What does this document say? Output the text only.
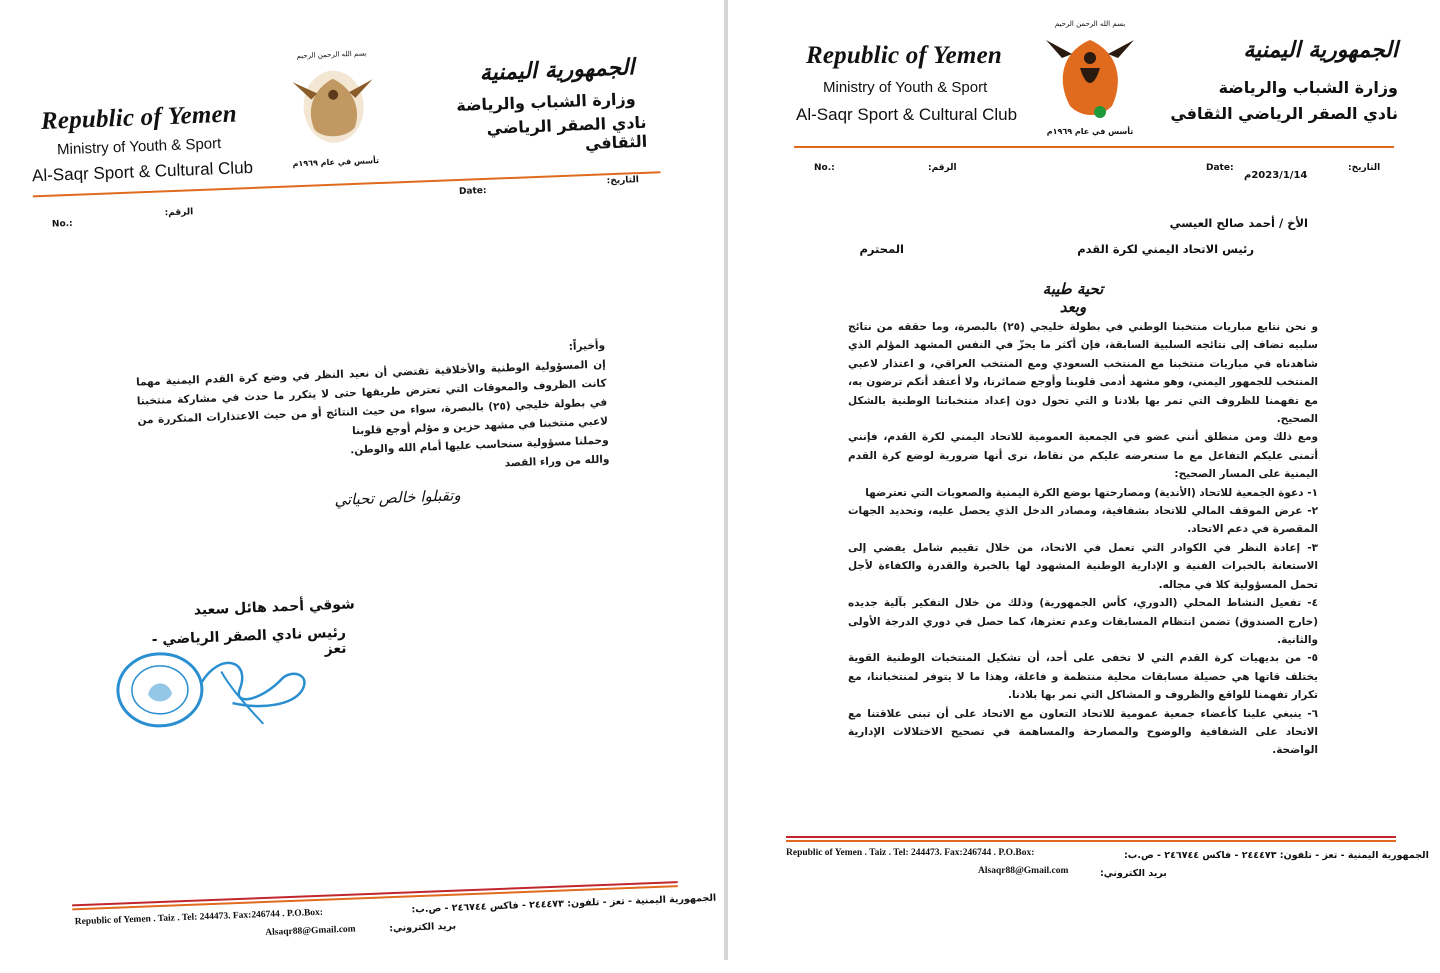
Republic of Yemen
Ministry of Youth & Sport
Al-Saqr Sport & Cultural Club
بسم الله الرحمن الرحيم
تأسس في عام ١٩٦٩م
الجمهورية اليمنية
وزارة الشباب والرياضة
نادي الصقر الرياضي الثقافي
No.:
الرقم:
Date:
التاريخ:

وأخيراً:

إن المسؤولية الوطنية والأخلاقية تقتضي أن نعيد النظر في وضع كرة القدم اليمنية مهما كانت الظروف والمعوقات التي تعترض طريقها حتى لا يتكرر ما حدث في مشاركة منتخبنا في بطولة خليجي (٢٥) بالبصرة، سواء من حيث النتائج أو من حيث الاعتذارات المتكررة من لاعبي منتخبنا في مشهد حزين و مؤلم أوجع قلوبنا

وحملنا مسؤولية سنحاسب عليها أمام الله والوطن.

والله من وراء القصد

وتقبلوا خالص تحياتي
شوقي أحمد هائل سعيد
رئيس نادي الصقر الرياضي - تعز
Republic of Yemen . Taiz . Tel: 244473. Fax:246744 . P.O.Box:	الجمهورية اليمنية - تعز - تلفون: ٢٤٤٤٧٣ - فاكس ٢٤٦٧٤٤ - ص.ب:
Alsaqr88@Gmail.com	بريد الكتروني:
Republic of Yemen
Ministry of Youth & Sport
Al-Saqr Sport & Cultural Club
بسم الله الرحمن الرحيم
تأسس في عام ١٩٦٩م
الجمهورية اليمنية
وزارة الشباب والرياضة
نادي الصقر الرياضي الثقافي
No.:	الرقم:	Date:
2023/1/14م
التاريخ:
الأخ / أحمد صالح العيسي
رئيس الاتحاد اليمني لكرة القدم
المحترم
تحية طيبة وبعد

و نحن نتابع مباريات منتخبنا الوطني في بطولة خليجي (٢٥) بالبصرة، وما حققه من نتائج سلبيه تضاف إلى نتائجه السلبية السابقة، فإن أكثر ما يحزّ في النفس المشهد المؤلم الذي شاهدناه في مباريات منتخبنا مع المنتخب السعودي ومع المنتخب العراقي، و اعتذار لاعبي المنتخب للجمهور اليمني، وهو مشهد أدمى قلوبنا وأوجع ضمائرنا، ولا أعتقد أنكم ترضون به، مع تفهمنا للظروف التي تمر بها بلادنا و التي تحول دون إعداد منتخباتنا الوطنية بالشكل الصحيح.

ومع ذلك ومن منطلق أنني عضو في الجمعية العمومية للاتحاد اليمني لكرة القدم، فإنني أتمنى عليكم التفاعل مع ما سنعرضه عليكم من نقاط، نرى أنها ضرورية لوضع كرة القدم اليمنية على المسار الصحيح:

١- دعوة الجمعية للاتحاد (الأندية) ومصارحتها بوضع الكرة اليمنية والصعوبات التي تعترضها

٢- عرض الموقف المالي للاتحاد بشفافية، ومصادر الدخل الذي يحصل عليه، وتحديد الجهات المقصرة في دعم الاتحاد.

٣- إعادة النظر في الكوادر التي تعمل في الاتحاد، من خلال تقييم شامل يفضي إلى الاستعانة بالخبرات الفنية و الإدارية الوطنية المشهود لها بالخبرة والقدرة والكفاءة لأجل تحمل المسؤولية كلا في مجاله.

٤- تفعيل النشاط المحلي (الدوري، كأس الجمهورية) وذلك من خلال التفكير بآلية جديده (خارج الصندوق) تضمن انتظام المسابقات وعدم تعثرها، كما حصل في دوري الدرجة الأولى والثانية.

٥- من بديهيات كرة القدم التي لا تخفى على أحد، أن تشكيل المنتخبات الوطنية القوية يختلف قاتها هي حصيلة مسابقات محلية منتظمة و فاعلة، وهذا ما لا يتوفر لمنتخباتنا، مع تكرار تفهمنا للواقع والظروف و المشاكل التي تمر بها بلادنا.

٦- ينبغي علينا كأعضاء جمعية عمومية للاتحاد التعاون مع الاتحاد على أن تبنى علاقتنا مع الاتحاد على الشفافية والوضوح والمصارحة والمساهمة في تصحيح الاختلالات الإدارية الواضحة.

Republic of Yemen . Taiz . Tel: 244473. Fax:246744 . P.O.Box:	الجمهورية اليمنية - تعز - تلفون: ٢٤٤٤٧٣ - فاكس ٢٤٦٧٤٤ - ص.ب:
Alsaqr88@Gmail.com	بريد الكتروني:
